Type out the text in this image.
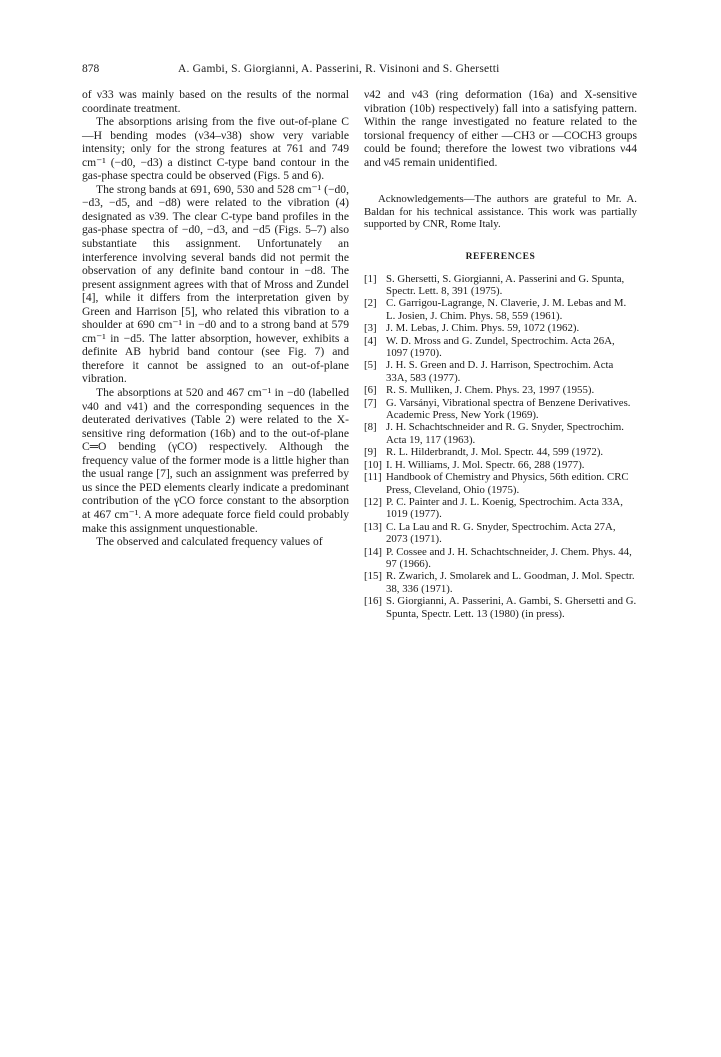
878	A. Gambi, S. Giorgianni, A. Passerini, R. Visinoni and S. Ghersetti

of ν33 was mainly based on the results of the normal coordinate treatment.

The absorptions arising from the five out-of-plane C—H bending modes (ν34–ν38) show very variable intensity; only for the strong features at 761 and 749 cm⁻¹ (−d0, −d3) a distinct C-type band contour in the gas-phase spectra could be observed (Figs. 5 and 6).

The strong bands at 691, 690, 530 and 528 cm⁻¹ (−d0, −d3, −d5, and −d8) were related to the vibration (4) designated as ν39. The clear C-type band profiles in the gas-phase spectra of −d0, −d3, and −d5 (Figs. 5–7) also substantiate this assignment. Unfortunately an interference involving several bands did not permit the observation of any definite band contour in −d8. The present assignment agrees with that of Mross and Zundel [4], while it differs from the interpretation given by Green and Harrison [5], who related this vibration to a shoulder at 690 cm⁻¹ in −d0 and to a strong band at 579 cm⁻¹ in −d5. The latter absorption, however, exhibits a definite AB hybrid band contour (see Fig. 7) and therefore it cannot be assigned to an out-of-plane vibration.

The absorptions at 520 and 467 cm⁻¹ in −d0 (labelled ν40 and ν41) and the corresponding sequences in the deuterated derivatives (Table 2) were related to the X-sensitive ring deformation (16b) and to the out-of-plane C═O bending (γCO) respectively. Although the frequency value of the former mode is a little higher than the usual range [7], such an assignment was preferred by us since the PED elements clearly indicate a predominant contribution of the γCO force constant to the absorption at 467 cm⁻¹. A more adequate force field could probably make this assignment unquestionable.

The observed and calculated frequency values of

ν42 and ν43 (ring deformation (16a) and X-sensitive vibration (10b) respectively) fall into a satisfying pattern. Within the range investigated no feature related to the torsional frequency of either —CH3 or —COCH3 groups could be found; therefore the lowest two vibrations ν44 and ν45 remain unidentified.

Acknowledgements—The authors are grateful to Mr. A. Baldan for his technical assistance. This work was partially supported by CNR, Rome Italy.

REFERENCES

[1] S. Ghersetti, S. Giorgianni, A. Passerini and G. Spunta, Spectr. Lett. 8, 391 (1975).
[2] C. Garrigou-Lagrange, N. Claverie, J. M. Lebas and M. L. Josien, J. Chim. Phys. 58, 559 (1961).
[3] J. M. Lebas, J. Chim. Phys. 59, 1072 (1962).
[4] W. D. Mross and G. Zundel, Spectrochim. Acta 26A, 1097 (1970).
[5] J. H. S. Green and D. J. Harrison, Spectrochim. Acta 33A, 583 (1977).
[6] R. S. Mulliken, J. Chem. Phys. 23, 1997 (1955).
[7] G. Varsányi, Vibrational spectra of Benzene Derivatives. Academic Press, New York (1969).
[8] J. H. Schachtschneider and R. G. Snyder, Spectrochim. Acta 19, 117 (1963).
[9] R. L. Hilderbrandt, J. Mol. Spectr. 44, 599 (1972).
[10] I. H. Williams, J. Mol. Spectr. 66, 288 (1977).
[11] Handbook of Chemistry and Physics, 56th edition. CRC Press, Cleveland, Ohio (1975).
[12] P. C. Painter and J. L. Koenig, Spectrochim. Acta 33A, 1019 (1977).
[13] C. La Lau and R. G. Snyder, Spectrochim. Acta 27A, 2073 (1971).
[14] P. Cossee and J. H. Schachtschneider, J. Chem. Phys. 44, 97 (1966).
[15] R. Zwarich, J. Smolarek and L. Goodman, J. Mol. Spectr. 38, 336 (1971).
[16] S. Giorgianni, A. Passerini, A. Gambi, S. Ghersetti and G. Spunta, Spectr. Lett. 13 (1980) (in press).
